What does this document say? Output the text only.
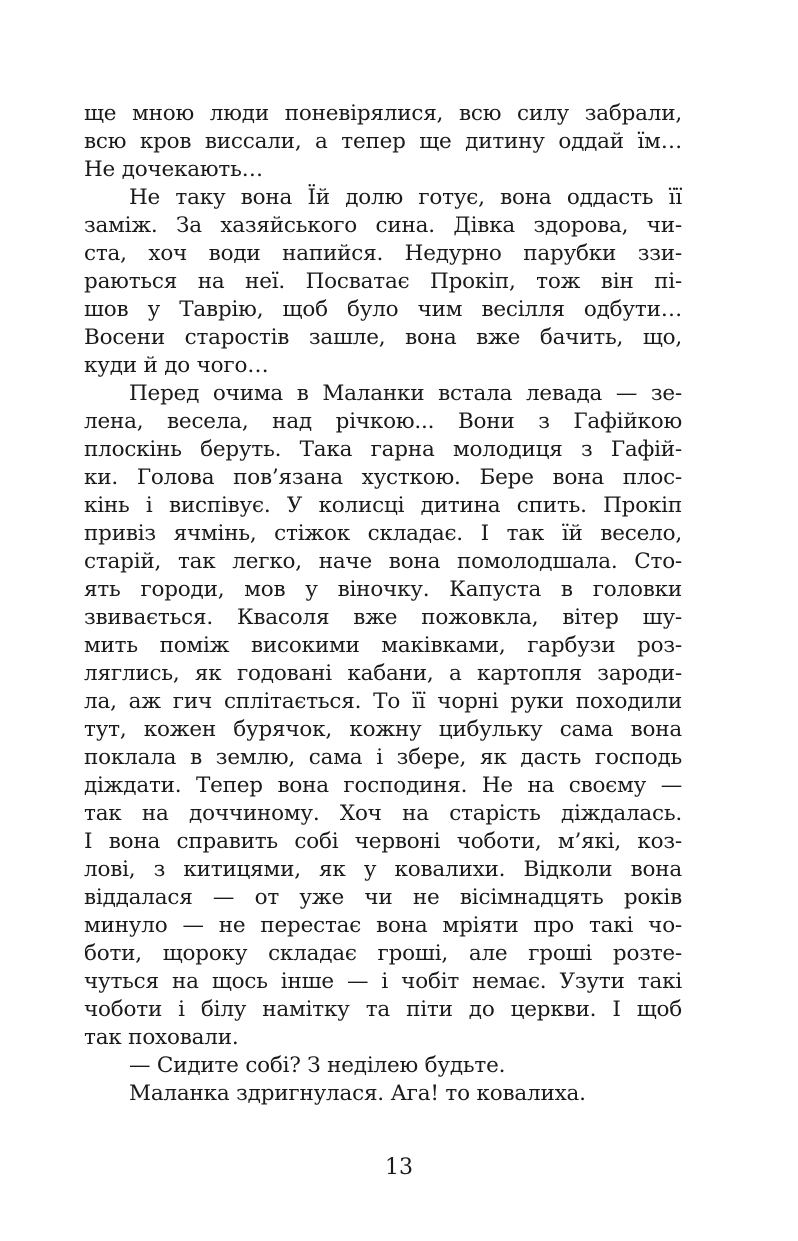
ще мною люди поневірялися, всю силу забрали,
всю кров виссали, а тепер ще дитину оддай їм…
Не дочекають…
Не таку вона Їй долю готує, вона оддасть її
заміж. За хазяйського сина. Дівка здорова, чи-
ста, хоч води напийся. Недурно парубки ззи-
раються на неї. Посватає Прокіп, тож він пі-
шов у Таврію, щоб було чим весілля одбути…
Восени старостів зашле, вона вже бачить, що,
куди й до чого…
Перед очима в Маланки встала левада — зе-
лена, весела, над річкою... Вони з Гафійкою
плоскінь беруть. Така гарна молодиця з Гафій-
ки. Голова пов’язана хусткою. Бере вона плос-
кінь і виспівує. У колисці дитина спить. Прокіп
привіз ячмінь, стіжок складає. І так їй весело,
старій, так легко, наче вона помолодшала. Сто-
ять городи, мов у віночку. Капуста в головки
звивається. Квасоля вже пожовкла, вітер шу-
мить поміж високими маківками, гарбузи роз-
ляглись, як годовані кабани, а картопля зароди-
ла, аж гич сплітається. То її чорні руки походили
тут, кожен бурячок, кожну цибульку сама вона
поклала в землю, сама і збере, як дасть господь
діждати. Тепер вона господиня. Не на своєму —
так на доччиному. Хоч на старість діждалась.
І вона справить собі червоні чоботи, м’які, коз-
лові, з китицями, як у ковалихи. Відколи вона
віддалася — от уже чи не вісімнадцять років
минуло — не перестає вона мріяти про такі чо-
боти, щороку складає гроші, але гроші розте-
чуться на щось інше — і чобіт немає. Узути такі
чоботи і білу намітку та піти до церкви. І щоб
так поховали.
— Сидите собі? З неділею будьте.
Маланка здригнулася. Ага! то ковалиха.
13
